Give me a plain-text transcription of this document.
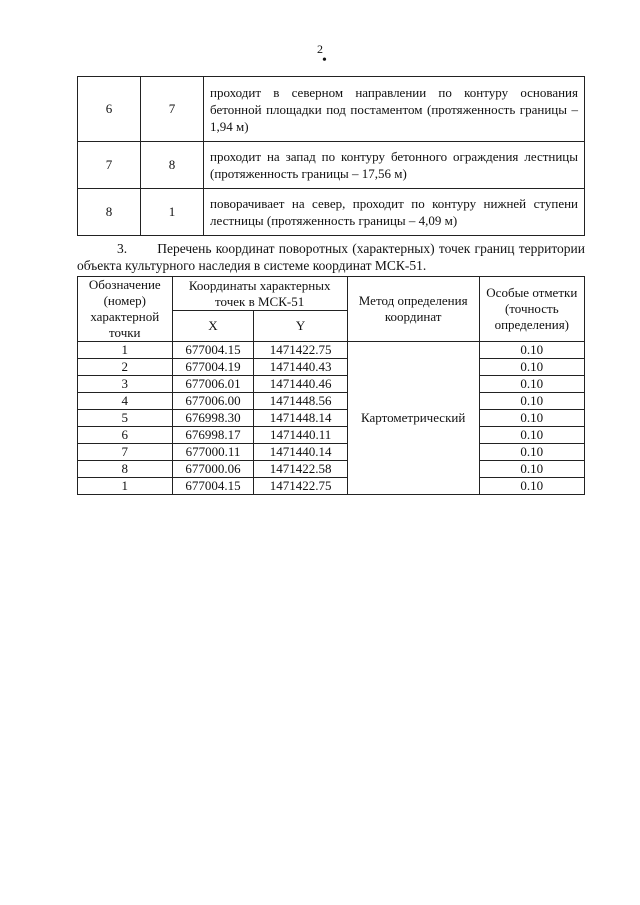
2
•
6	7	проходит в северном направлении по контуру основания бетонной площадки под постаментом (протяженность границы – 1,94 м)
7	8	проходит на запад по контуру бетонного ограждения лестницы (протяженность границы – 17,56 м)
8	1	поворачивает на север, проходит по контуру нижней ступени лестницы (протяженность границы – 4,09 м)
3. Перечень координат поворотных (характерных) точек границ территории объекта культурного наследия в системе координат МСК-51.
Обозначение (номер) характерной точки	Координаты характерных точек в МСК-51		Метод определения координат	Особые отметки (точность определения)
	X	Y		
1	677004.15	1471422.75	Картометрический	0.10
2	677004.19	1471440.43		0.10
3	677006.01	1471440.46		0.10
4	677006.00	1471448.56		0.10
5	676998.30	1471448.14		0.10
6	676998.17	1471440.11		0.10
7	677000.11	1471440.14		0.10
8	677000.06	1471422.58		0.10
1	677004.15	1471422.75		0.10
